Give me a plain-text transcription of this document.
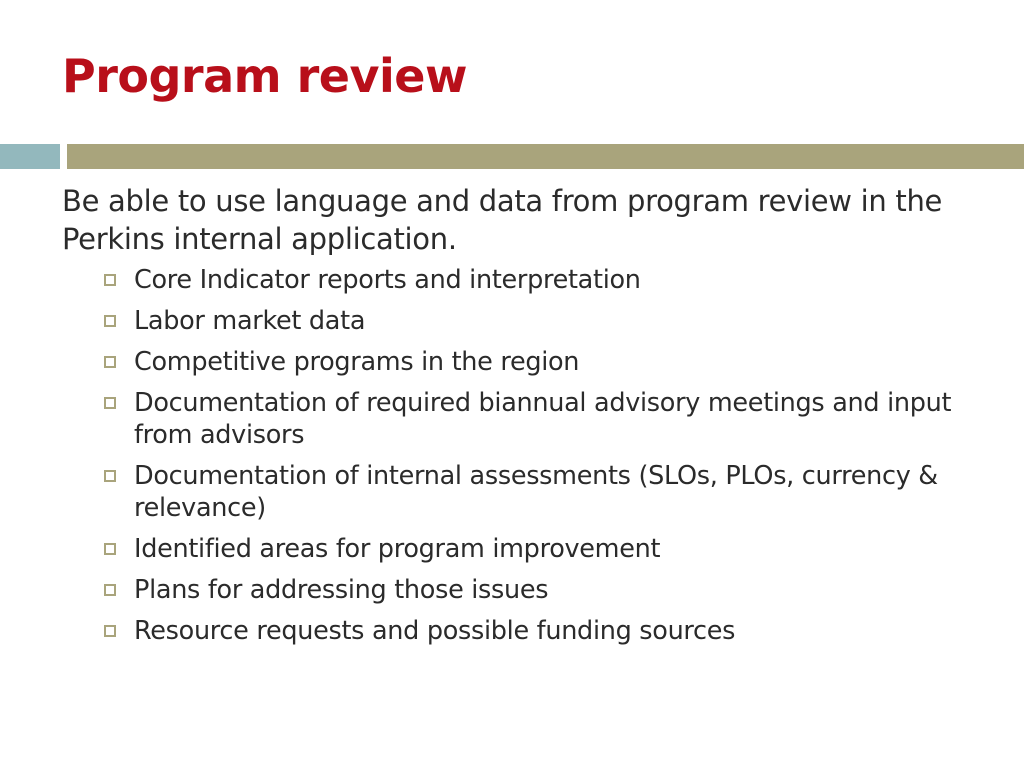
Program review

Be able to use language and data from program review in the Perkins internal application.

Core Indicator reports and interpretation
Labor market data
Competitive programs in the region
Documentation of required biannual advisory meetings and input from advisors
Documentation of internal assessments (SLOs, PLOs, currency & relevance)
Identified areas for program improvement
Plans for addressing those issues
Resource requests and possible funding sources
